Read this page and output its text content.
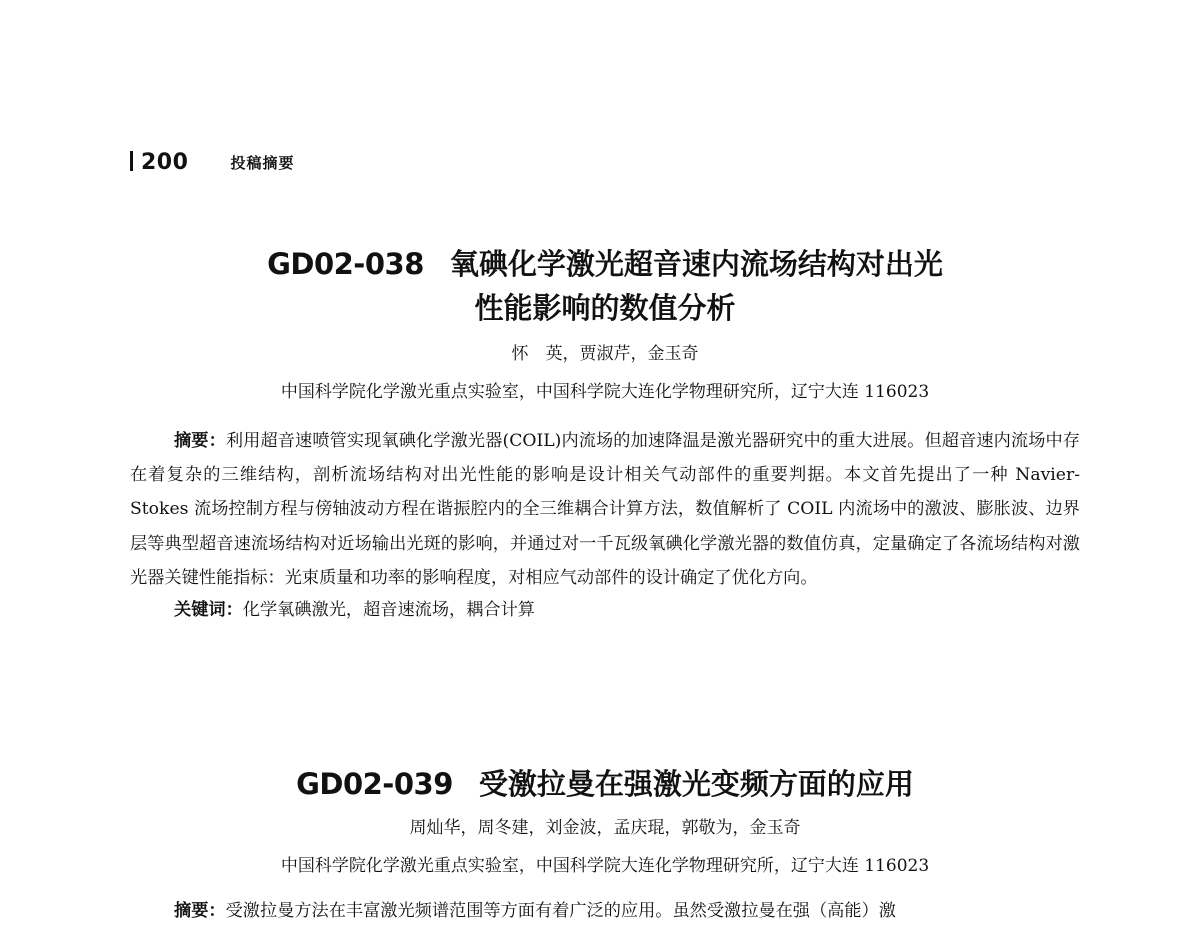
200	投稿摘要
GD02-038 氧碘化学激光超音速内流场结构对出光
性能影响的数值分析
怀　英，贾淑芹，金玉奇
中国科学院化学激光重点实验室，中国科学院大连化学物理研究所，辽宁大连 116023

摘要：利用超音速喷管实现氧碘化学激光器(COIL)内流场的加速降温是激光器研究中的重大进展。但超音速内流场中存在着复杂的三维结构，剖析流场结构对出光性能的影响是设计相关气动部件的重要判据。本文首先提出了一种 Navier-Stokes 流场控制方程与傍轴波动方程在谐振腔内的全三维耦合计算方法，数值解析了 COIL 内流场中的激波、膨胀波、边界层等典型超音速流场结构对近场输出光斑的影响，并通过对一千瓦级氧碘化学激光器的数值仿真，定量确定了各流场结构对激光器关键性能指标：光束质量和功率的影响程度，对相应气动部件的设计确定了优化方向。

关键词：化学氧碘激光，超音速流场，耦合计算

GD02-039 受激拉曼在强激光变频方面的应用
周灿华，周冬建，刘金波，孟庆琨，郭敬为，金玉奇
中国科学院化学激光重点实验室，中国科学院大连化学物理研究所，辽宁大连 116023

摘要：受激拉曼方法在丰富激光频谱范围等方面有着广泛的应用。虽然受激拉曼在强（高能）激
